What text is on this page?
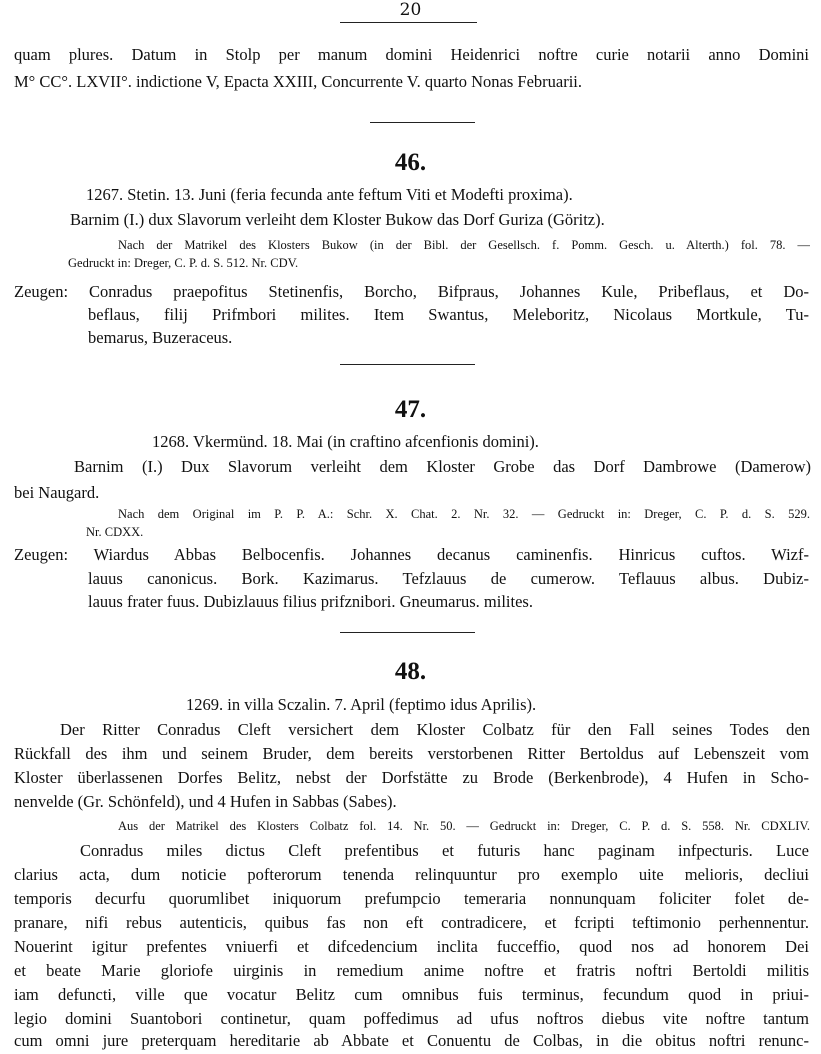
20
quam plures. Datum in Stolp per manum domini Heidenrici noftre curie notarii anno Domini
M° CC°. LXVII°. indictione V, Epacta XXIII, Concurrente V. quarto Nonas Februarii.
46.
1267. Stetin. 13. Juni (feria fecunda ante feftum Viti et Modefti proxima).
Barnim (I.) dux Slavorum verleiht dem Kloster Bukow das Dorf Guriza (Göritz).
Nach der Matrikel des Klosters Bukow (in der Bibl. der Gesellsch. f. Pomm. Gesch. u. Alterth.) fol. 78. —
Gedruckt in: Dreger, C. P. d. S. 512. Nr. CDV.
Zeugen: Conradus praepofitus Stetinenfis, Borcho, Bifpraus, Johannes Kule, Pribeflaus, et Do-
beflaus, filij Prifmbori milites. Item Swantus, Meleboritz, Nicolaus Mortkule, Tu-
bemarus, Buzeraceus.
47.
1268. Vkermünd. 18. Mai (in craftino afcenfionis domini).
Barnim (I.) Dux Slavorum verleiht dem Kloster Grobe das Dorf Dambrowe (Damerow)
bei Naugard.
Nach dem Original im P. P. A.: Schr. X. Chat. 2. Nr. 32. — Gedruckt in: Dreger, C. P. d. S. 529.
Nr. CDXX.
Zeugen: Wiardus Abbas Belbocenfis. Johannes decanus caminenfis. Hinricus cuftos. Wizf-
lauus canonicus. Bork. Kazimarus. Tefzlauus de cumerow. Teflauus albus. Dubiz-
lauus frater fuus. Dubizlauus filius prifznibori. Gneumarus. milites.
48.
1269. in villa Sczalin. 7. April (feptimo idus Aprilis).
Der Ritter Conradus Cleft versichert dem Kloster Colbatz für den Fall seines Todes den
Rückfall des ihm und seinem Bruder, dem bereits verstorbenen Ritter Bertoldus auf Lebenszeit vom
Kloster überlassenen Dorfes Belitz, nebst der Dorfstätte zu Brode (Berkenbrode), 4 Hufen in Scho-
nenvelde (Gr. Schönfeld), und 4 Hufen in Sabbas (Sabes).
Aus der Matrikel des Klosters Colbatz fol. 14. Nr. 50. — Gedruckt in: Dreger, C. P. d. S. 558. Nr. CDXLIV.
Conradus miles dictus Cleft prefentibus et futuris hanc paginam infpecturis. Luce
clarius acta, dum noticie pofterorum tenenda relinquuntur pro exemplo uite melioris, decliui
temporis decurfu quorumlibet iniquorum prefumpcio temeraria nonnunquam foliciter folet de-
pranare, nifi rebus autenticis, quibus fas non eft contradicere, et fcripti teftimonio perhennentur.
Nouerint igitur prefentes vniuerfi et difcedencium inclita fucceffio, quod nos ad honorem Dei
et beate Marie gloriofe uirginis in remedium anime noftre et fratris noftri Bertoldi militis
iam defuncti, ville que vocatur Belitz cum omnibus fuis terminus, fecundum quod in priui-
legio domini Suantobori continetur, quam poffedimus ad ufus noftros diebus vite noftre tantum
cum omni jure preterquam hereditarie ab Abbate et Conuentu de Colbas, in die obitus noftri renunc-
